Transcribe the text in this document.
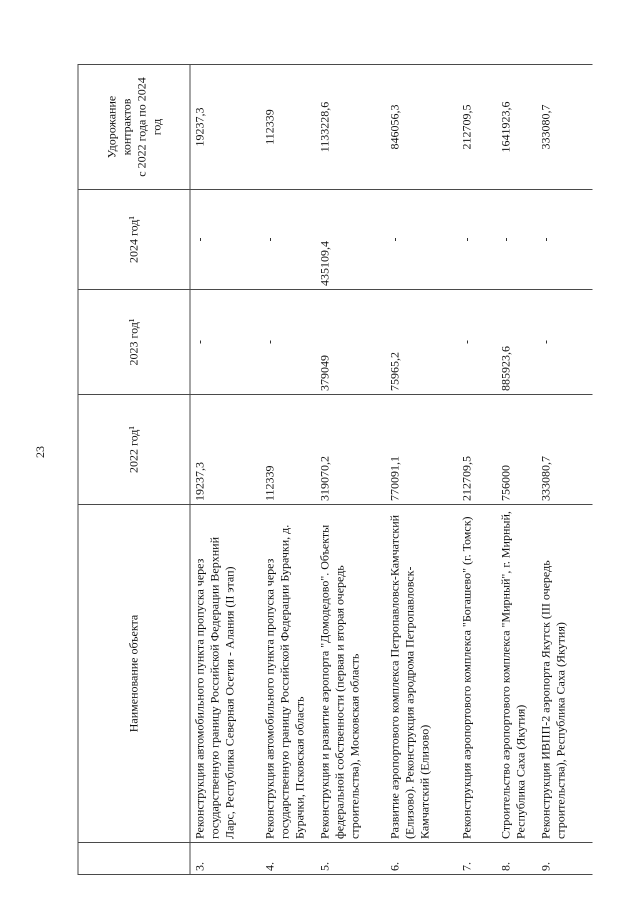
23
	Наименование объекта	2022 год¹	2023 год¹	2024 год¹	Удорожание
контрактов
с 2022 года по 2024 год
3.	Реконструкция автомобильного пункта пропуска через государственную границу Российской Федерации Верхний Ларс, Республика Северная Осетия - Алания (II этап)	19237,3	-	-	19237,3
4.	Реконструкция автомобильного пункта пропуска через государственную границу Российской Федерации Бурачки, д. Бурачки, Псковская область	112339	-	-	112339
5.	Реконструкция и развитие аэропорта "Домодедово". Объекты федеральной собственности (первая и вторая очередь строительства), Московская область	319070,2	379049	435109,4	1133228,6
6.	Развитие аэропортового комплекса Петропавловск-Камчатский (Елизово). Реконструкция аэродрома Петропавловск-Камчатский (Елизово)	770091,1	75965,2	-	846056,3
7.	Реконструкция аэропортового комплекса "Богашево" (г. Томск)	212709,5	-	-	212709,5
8.	Строительство аэропортового комплекса "Мирный", г. Мирный, Республика Саха (Якутия)	756000	885923,6	-	1641923,6
9.	Реконструкция ИВПП-2 аэропорта Якутск (III очередь строительства), Республика Саха (Якутия)	333080,7	-	-	333080,7
